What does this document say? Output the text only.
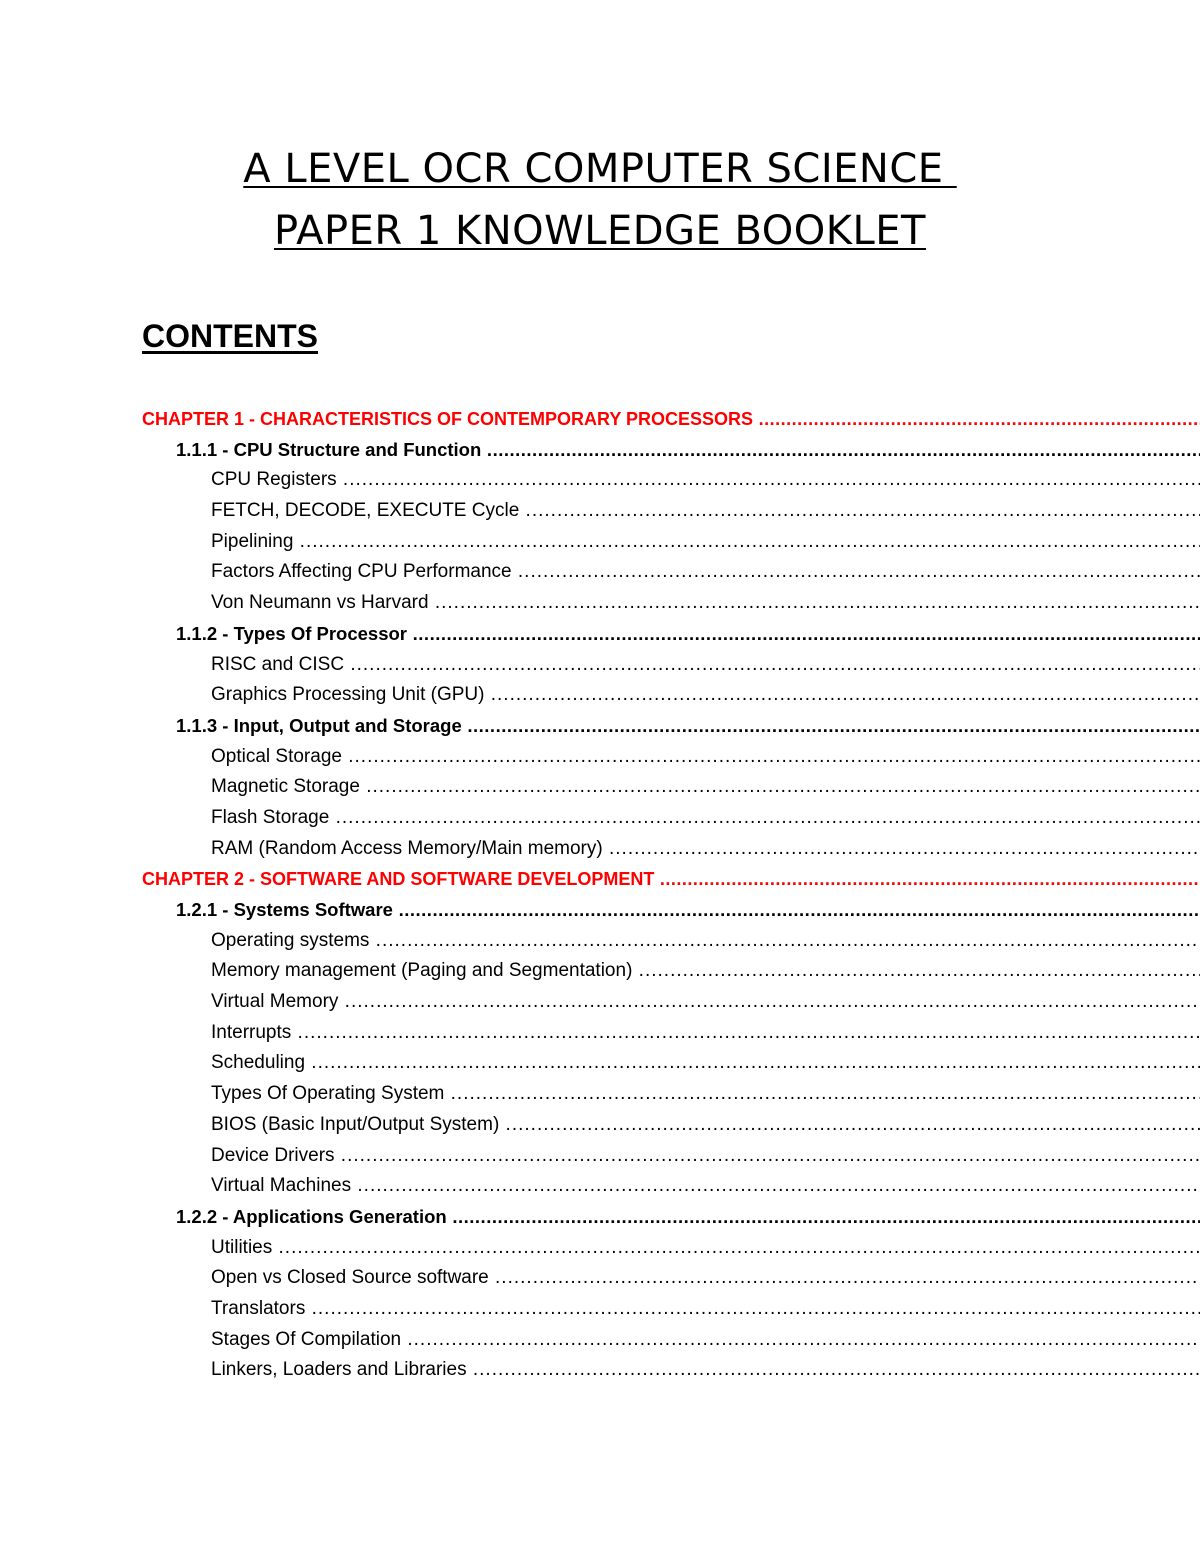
A LEVEL OCR COMPUTER SCIENCE
PAPER 1 KNOWLEDGE BOOKLET
CONTENTS
CHAPTER 1 - CHARACTERISTICS OF CONTEMPORARY PROCESSORS .....
1.1.1 - CPU Structure and Function .....
CPU Registers .....
FETCH, DECODE, EXECUTE Cycle .....
Pipelining .....
Factors Affecting CPU Performance .....
Von Neumann vs Harvard .....
1.1.2 - Types Of Processor .....
RISC and CISC .....
Graphics Processing Unit (GPU) .....
1.1.3 - Input, Output and Storage .....
Optical Storage .....
Magnetic Storage .....
Flash Storage .....
RAM (Random Access Memory/Main memory) .....
CHAPTER 2 - SOFTWARE AND SOFTWARE DEVELOPMENT .....
1.2.1 - Systems Software .....
Operating systems .....
Memory management (Paging and Segmentation) .....
Virtual Memory .....
Interrupts .....
Scheduling .....
Types Of Operating System .....
BIOS (Basic Input/Output System) .....
Device Drivers .....
Virtual Machines .....
1.2.2 - Applications Generation .....
Utilities .....
Open vs Closed Source software .....
Translators .....
Stages Of Compilation .....
Linkers, Loaders and Libraries .....
